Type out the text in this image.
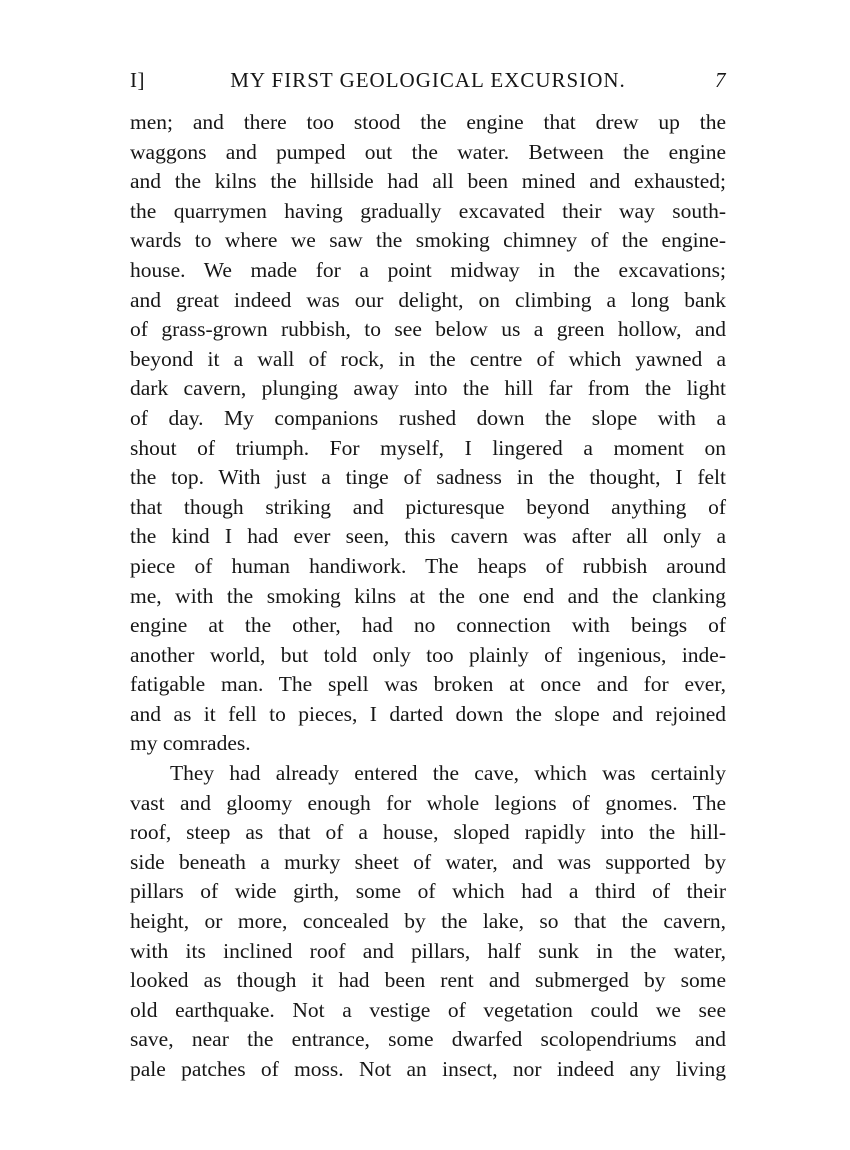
I]	MY FIRST GEOLOGICAL EXCURSION.	7
men; and there too stood the engine that drew up the
waggons and pumped out the water. Between the engine
and the kilns the hillside had all been mined and exhausted;
the quarrymen having gradually excavated their way south-
wards to where we saw the smoking chimney of the engine-
house. We made for a point midway in the excavations;
and great indeed was our delight, on climbing a long bank
of grass-grown rubbish, to see below us a green hollow, and
beyond it a wall of rock, in the centre of which yawned a
dark cavern, plunging away into the hill far from the light
of day. My companions rushed down the slope with a
shout of triumph. For myself, I lingered a moment on
the top. With just a tinge of sadness in the thought, I felt
that though striking and picturesque beyond anything of
the kind I had ever seen, this cavern was after all only a
piece of human handiwork. The heaps of rubbish around
me, with the smoking kilns at the one end and the clanking
engine at the other, had no connection with beings of
another world, but told only too plainly of ingenious, inde-
fatigable man. The spell was broken at once and for ever,
and as it fell to pieces, I darted down the slope and rejoined
my comrades.
They had already entered the cave, which was certainly
vast and gloomy enough for whole legions of gnomes. The
roof, steep as that of a house, sloped rapidly into the hill-
side beneath a murky sheet of water, and was supported by
pillars of wide girth, some of which had a third of their
height, or more, concealed by the lake, so that the cavern,
with its inclined roof and pillars, half sunk in the water,
looked as though it had been rent and submerged by some
old earthquake. Not a vestige of vegetation could we see
save, near the entrance, some dwarfed scolopendriums and
pale patches of moss. Not an insect, nor indeed any living
